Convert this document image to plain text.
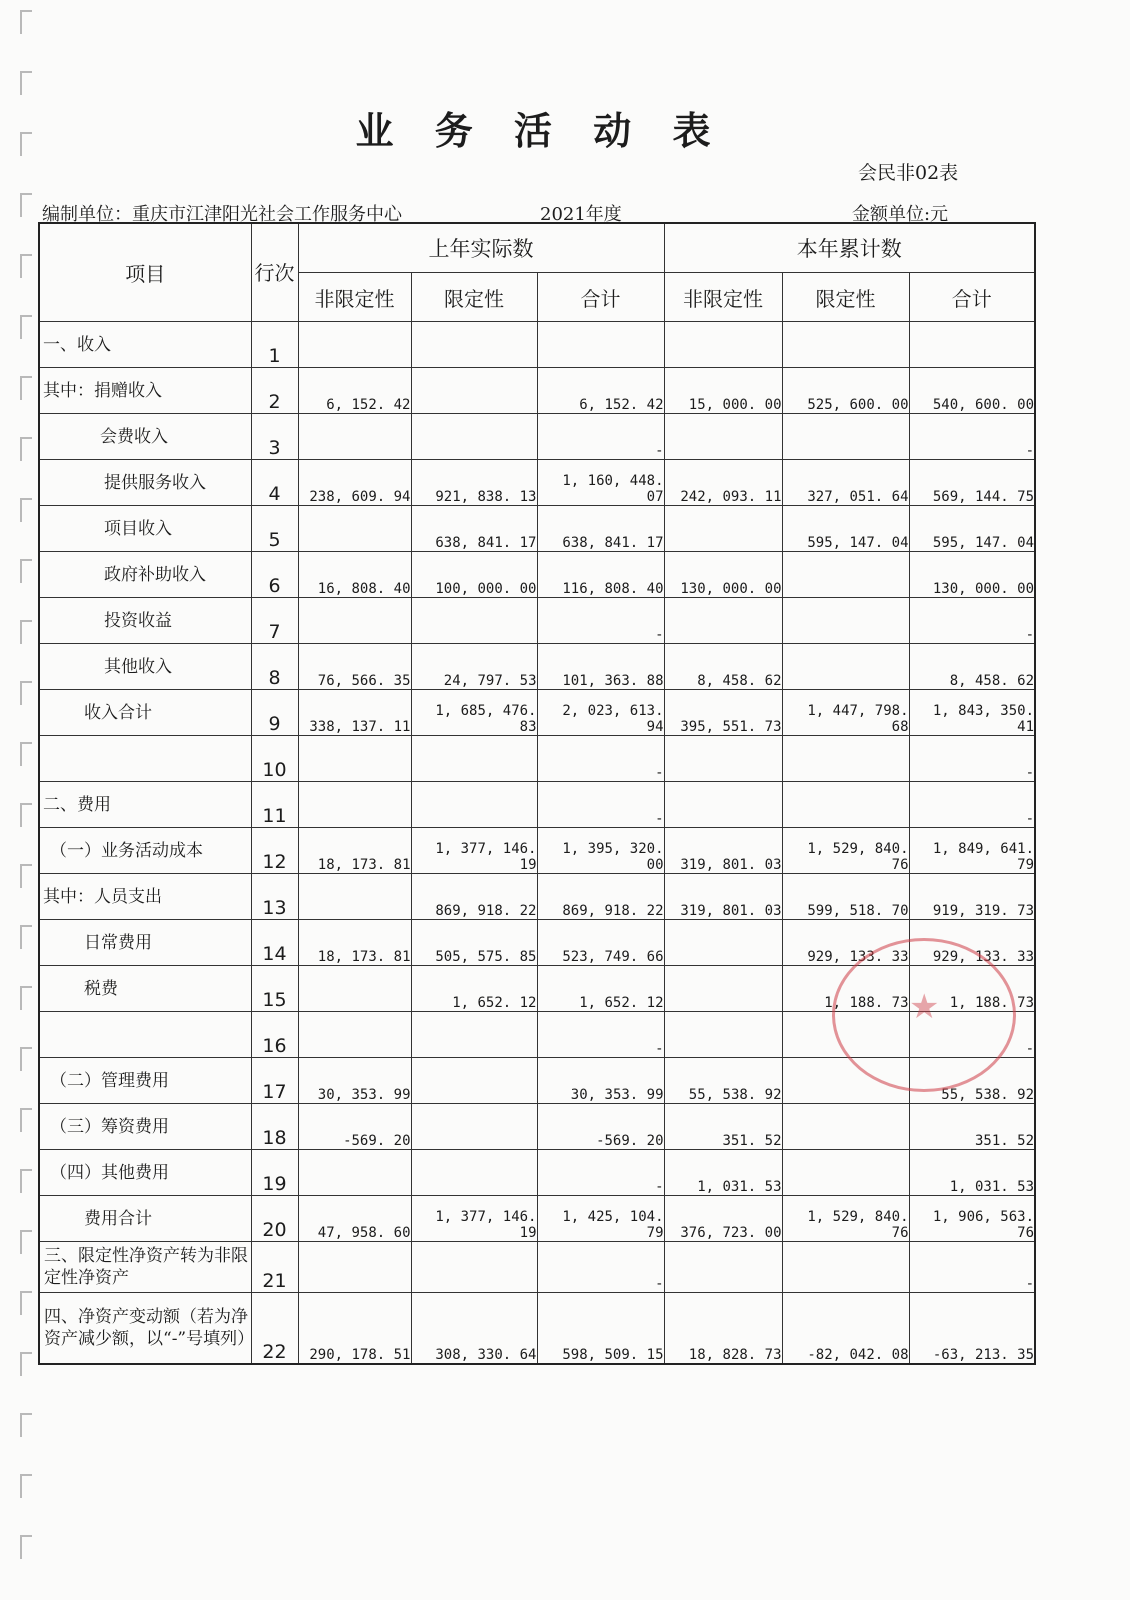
业 务 活 动 表
会民非02表
编制单位：重庆市江津阳光社会工作服务中心	2021年度	金额单位:元
项目	行次	上年实际数			本年累计数		
		非限定性	限定性	合计	非限定性	限定性	合计
一、收入	1						
其中：捐赠收入	2	6, 152. 42		6, 152. 42	15, 000. 00	525, 600. 00	540, 600. 00
会费收入	3			-			-
提供服务收入	4	238, 609. 94	921, 838. 13	1, 160, 448. 07	242, 093. 11	327, 051. 64	569, 144. 75
项目收入	5		638, 841. 17	638, 841. 17		595, 147. 04	595, 147. 04
政府补助收入	6	16, 808. 40	100, 000. 00	116, 808. 40	130, 000. 00		130, 000. 00
投资收益	7			-			-
其他收入	8	76, 566. 35	24, 797. 53	101, 363. 88	8, 458. 62		8, 458. 62
收入合计	9	338, 137. 11	1, 685, 476. 83	2, 023, 613. 94	395, 551. 73	1, 447, 798. 68	1, 843, 350. 41
	10			-			-
二、费用	11			-			-
（一）业务活动成本	12	18, 173. 81	1, 377, 146. 19	1, 395, 320. 00	319, 801. 03	1, 529, 840. 76	1, 849, 641. 79
其中：人员支出	13		869, 918. 22	869, 918. 22	319, 801. 03	599, 518. 70	919, 319. 73
日常费用	14	18, 173. 81	505, 575. 85	523, 749. 66		929, 133. 33	929, 133. 33
税费	15		1, 652. 12	1, 652. 12		1, 188. 73	1, 188. 73
	16			-			-
（二）管理费用	17	30, 353. 99		30, 353. 99	55, 538. 92		55, 538. 92
（三）筹资费用	18	-569. 20		-569. 20	351. 52		351. 52
（四）其他费用	19			-	1, 031. 53		1, 031. 53
费用合计	20	47, 958. 60	1, 377, 146. 19	1, 425, 104. 79	376, 723. 00	1, 529, 840. 76	1, 906, 563. 76
三、限定性净资产转为非限定性净资产	21			-			-
四、净资产变动额（若为净资产减少额，以“-”号填列）	22	290, 178. 51	308, 330. 64	598, 509. 15	18, 828. 73	-82, 042. 08	-63, 213. 35
★
